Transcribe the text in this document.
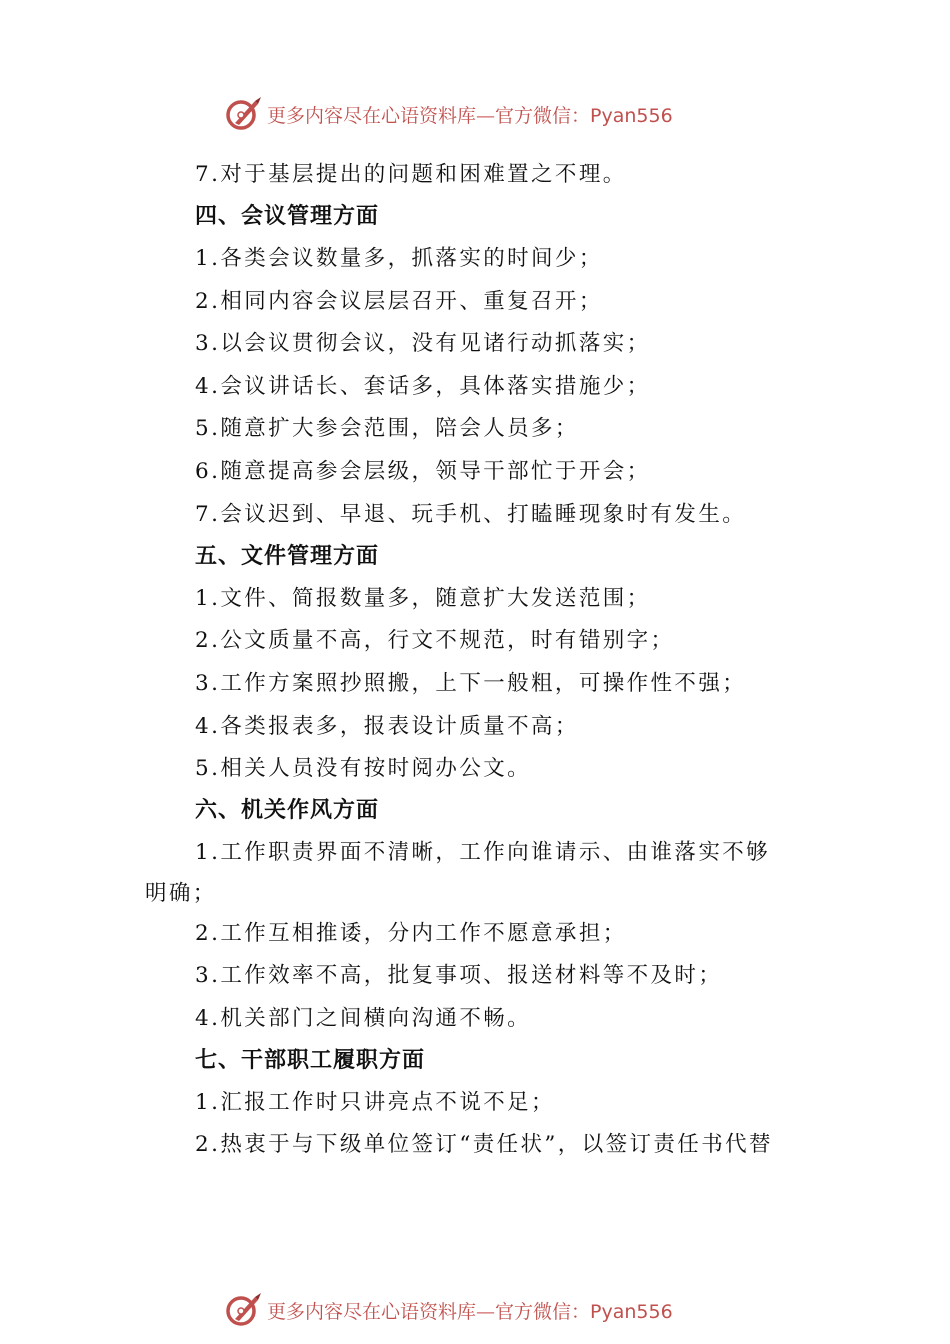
更多内容尽在心语资料库—官方微信：Pyan556
7.对于基层提出的问题和困难置之不理。
四、会议管理方面
1.各类会议数量多，抓落实的时间少；
2.相同内容会议层层召开、重复召开；
3.以会议贯彻会议，没有见诸行动抓落实；
4.会议讲话长、套话多，具体落实措施少；
5.随意扩大参会范围，陪会人员多；
6.随意提高参会层级，领导干部忙于开会；
7.会议迟到、早退、玩手机、打瞌睡现象时有发生。
五、文件管理方面
1.文件、简报数量多，随意扩大发送范围；
2.公文质量不高，行文不规范，时有错别字；
3.工作方案照抄照搬，上下一般粗，可操作性不强；
4.各类报表多，报表设计质量不高；
5.相关人员没有按时阅办公文。
六、机关作风方面
1.工作职责界面不清晰，工作向谁请示、由谁落实不够
明确；
2.工作互相推诿，分内工作不愿意承担；
3.工作效率不高，批复事项、报送材料等不及时；
4.机关部门之间横向沟通不畅。
七、干部职工履职方面
1.汇报工作时只讲亮点不说不足；
2.热衷于与下级单位签订“责任状”，以签订责任书代替
更多内容尽在心语资料库—官方微信：Pyan556
